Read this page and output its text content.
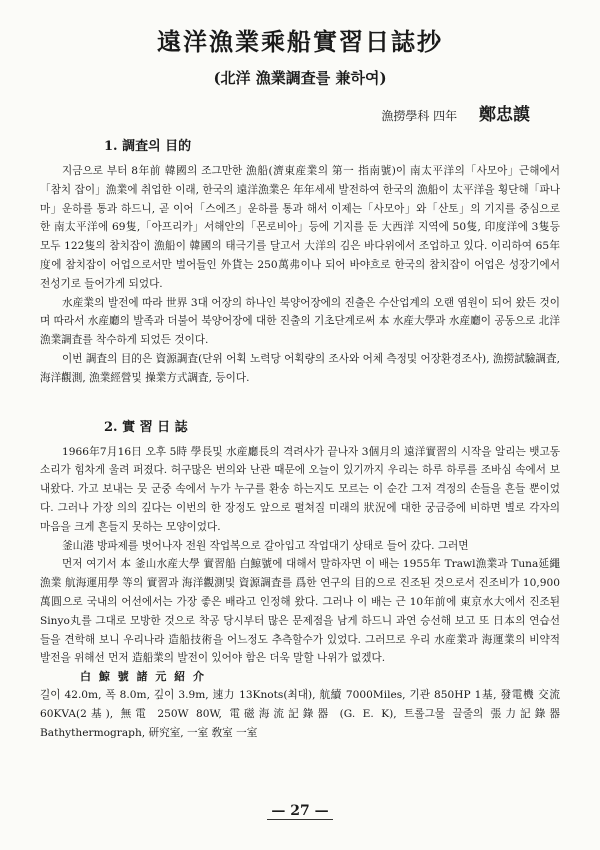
遠洋漁業乘船實習日誌抄
(北洋 漁業調査를 兼하여)
漁撈學科 四年 鄭忠謨
1. 調査의 目的

지금으로 부터 8年前 韓國의 조그만한 漁船(濟東産業의 第一 指南號)이 南太平洋의「사모아」근해에서「참치 잡이」漁業에 취업한 이래, 한국의 遠洋漁業은 年年세세 발전하여 한국의 漁船이 太平洋을 횡단해「파나마」운하를 통과 하드니, 곧 이어「스에즈」운하를 통과 해서 이제는「사모아」와「산토」의 기지를 중심으로 한 南太平洋에 69隻,「아프리카」서해안의「몬로비아」등에 기지를 둔 大西洋 지역에 50隻, 印度洋에 3隻등 모두 122隻의 참치잡이 漁船이 韓國의 태극기를 달고서 大洋의 김은 바다위에서 조업하고 있다. 이리하여 65年度에 참치잡이 어업으로서만 벌어들인 外貨는 250萬弗이나 되어 바야흐로 한국의 참치잡이 어업은 성장기에서 전성기로 들어가게 되었다.

水産業의 발전에 따라 世界 3대 어장의 하나인 북양어장에의 진출은 수산업계의 오랜 염원이 되어 왔든 것이며 따라서 水産廳의 발족과 더불어 북양어장에 대한 진출의 기초단계로써 本 水産大學과 水産廳이 공동으로 北洋 漁業調査를 착수하게 되었든 것이다.

이번 調査의 目的은 資源調査(단위 어획 노력당 어획량의 조사와 어체 측정및 어장환경조사), 漁撈試驗調査, 海洋觀測, 漁業經營및 操業方式調査, 등이다.

2. 實 習 日 誌

1966年7月16日 오후 5時 學長및 水産廳長의 격려사가 끝나자 3個月의 遠洋實習의 시작을 알리는 뱃고동소리가 힘차게 울려 퍼졌다. 허구많은 번의와 난관 때문에 오늘이 있기까지 우리는 하루 하루를 조바심 속에서 보내왔다. 가고 보내는 뭇 군중 속에서 누가 누구를 환송 하는지도 모르는 이 순간 그저 격정의 손들을 흔들 뿐이었다. 그러나 가장 의의 깊다는 이번의 한 장정도 앞으로 펼쳐질 미래의 狀況에 대한 궁금증에 비하면 별로 각자의 마음을 크게 흔들지 못하는 모양이었다.

釜山港 방파제를 벗어나자 전원 작업복으로 갈아입고 작업대기 상태로 들어 갔다. 그러면

먼저 여기서 本 釜山水産大學 實習船 白鯨號에 대해서 말하자면 이 배는 1955年 Trawl漁業과 Tuna延繩漁業 航海運用學 等의 實習과 海洋觀測및 資源調査를 爲한 연구의 目的으로 진조된 것으로서 진조비가 10,900萬圓으로 국내의 어선에서는 가장 좋은 배라고 인정해 왔다. 그러나 이 배는 근 10年前에 東京水大에서 진조된 Sinyo丸를 그대로 모방한 것으로 착공 당시부터 많은 문제점을 남게 하드니 과연 승선해 보고 또 日本의 연습선들을 견학해 보니 우리나라 造船技術을 어느정도 추측할수가 있었다. 그러므로 우리 水産業과 海運業의 비약적 발전을 위해선 먼저 造船業의 발전이 있어야 함은 더욱 말할 나위가 없겠다.

白 鯨 號 諸 元 紹 介

길이 42.0m, 폭 8.0m, 깊이 3.9m, 速力 13Knots(최대), 航續 7000Miles, 기관 850HP 1基, 發電機 交流 60KVA(2基), 無電 250W 80W, 電磁海流記錄器 (G. E. K), 트롤그물 끌줄의 張力記錄器 Bathythermograph, 研究室, 一室 敎室 一室

— 27 —
